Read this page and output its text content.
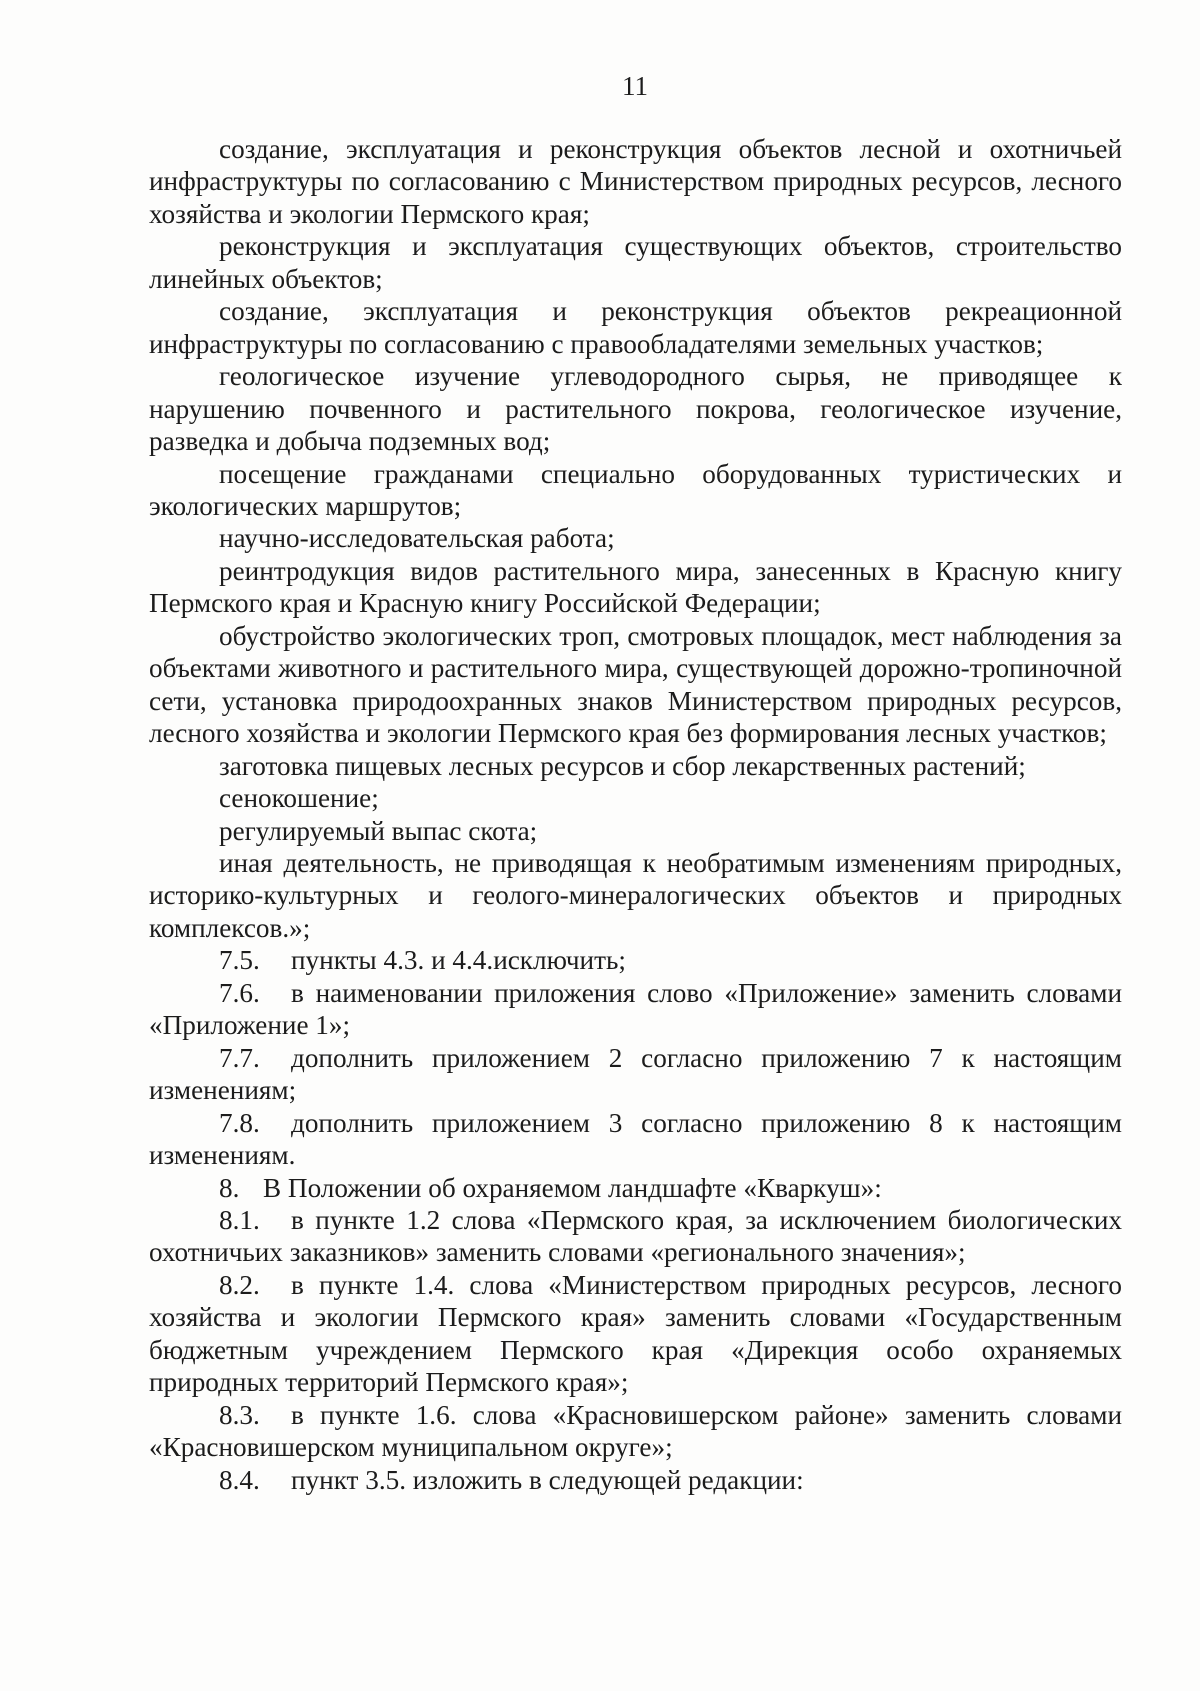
11

создание, эксплуатация и реконструкция объектов лесной и охотничьей инфраструктуры по согласованию с Министерством природных ресурсов, лесного хозяйства и экологии Пермского края;

реконструкция и эксплуатация существующих объектов, строительство линейных объектов;

создание, эксплуатация и реконструкция объектов рекреационной инфраструктуры по согласованию с правообладателями земельных участков;

геологическое изучение углеводородного сырья, не приводящее к нарушению почвенного и растительного покрова, геологическое изучение, разведка и добыча подземных вод;

посещение гражданами специально оборудованных туристических и экологических маршрутов;

научно-исследовательская работа;

реинтродукция видов растительного мира, занесенных в Красную книгу Пермского края и Красную книгу Российской Федерации;

обустройство экологических троп, смотровых площадок, мест наблюдения за объектами животного и растительного мира, существующей дорожно-тропиночной сети, установка природоохранных знаков Министерством природных ресурсов, лесного хозяйства и экологии Пермского края без формирования лесных участков;

заготовка пищевых лесных ресурсов и сбор лекарственных растений;

сенокошение;

регулируемый выпас скота;

иная деятельность, не приводящая к необратимым изменениям природных, историко-культурных и геолого-минералогических объектов и природных комплексов.»;

7.5. пункты 4.3. и 4.4.исключить;

7.6. в наименовании приложения слово «Приложение» заменить словами «Приложение 1»;

7.7. дополнить приложением 2 согласно приложению 7 к настоящим изменениям;

7.8. дополнить приложением 3 согласно приложению 8 к настоящим изменениям.

8. В Положении об охраняемом ландшафте «Кваркуш»:

8.1. в пункте 1.2 слова «Пермского края, за исключением биологических охотничьих заказников» заменить словами «регионального значения»;

8.2. в пункте 1.4. слова «Министерством природных ресурсов, лесного хозяйства и экологии Пермского края» заменить словами «Государственным бюджетным учреждением Пермского края «Дирекция особо охраняемых природных территорий Пермского края»;

8.3. в пункте 1.6. слова «Красновишерском районе» заменить словами «Красновишерском муниципальном округе»;

8.4. пункт 3.5. изложить в следующей редакции:
